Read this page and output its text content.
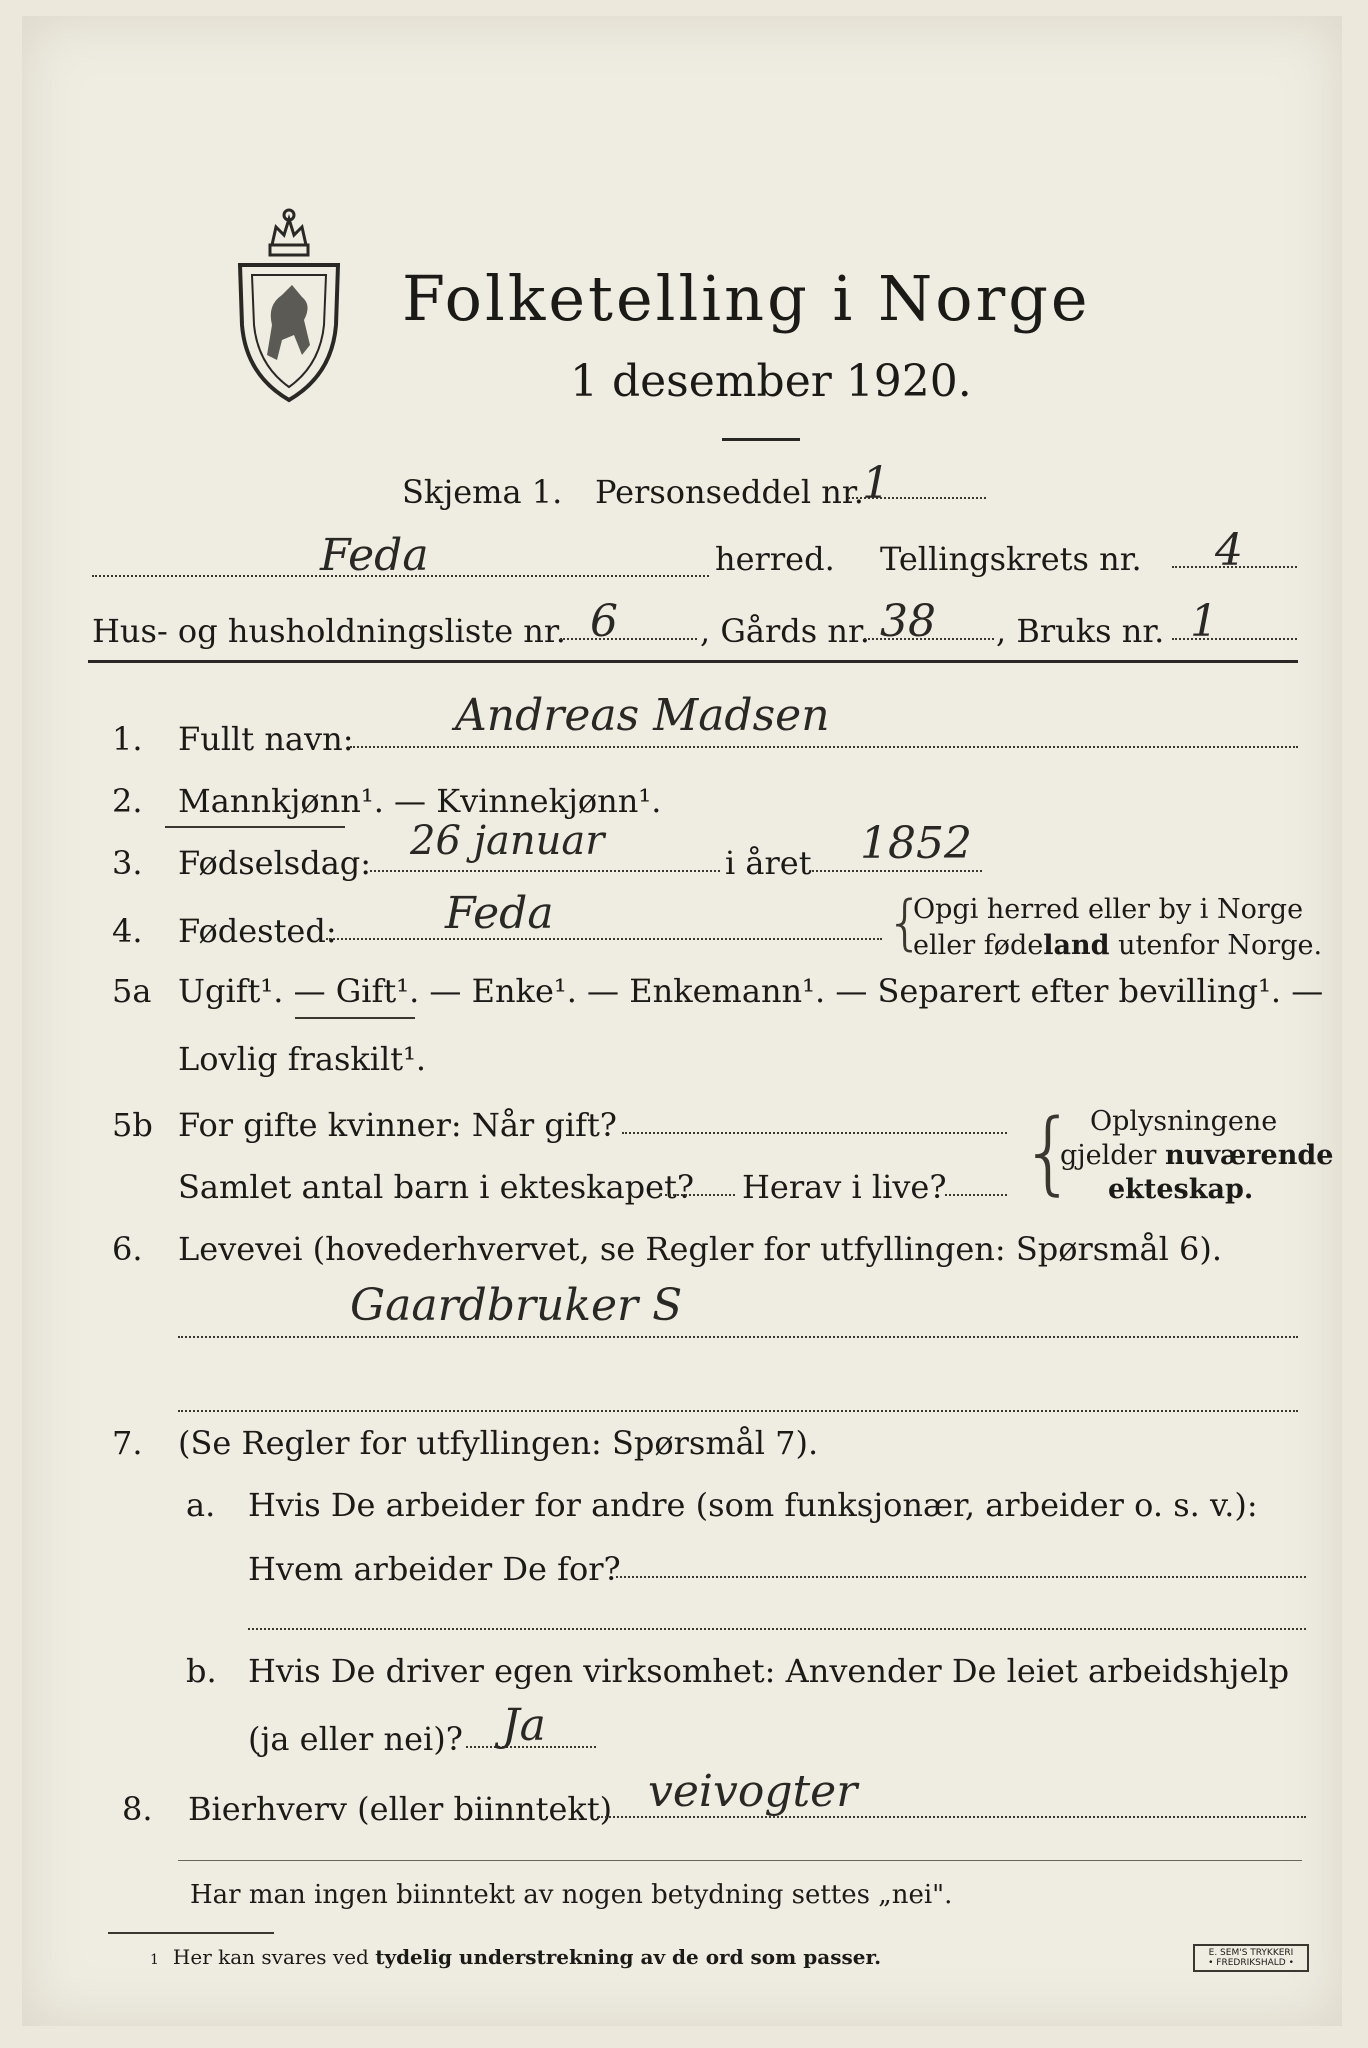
Folketelling i Norge
1 desember 1920.
Skjema 1. Personseddel nr.
1
Feda	herred. Tellingskrets nr. 4
Hus- og husholdningsliste nr. 6	, Gårds nr. 38 , Bruks nr. 1
1. Fullt navn: Andreas Madsen
2. Mannkjønn¹. — Kvinnekjønn¹.
3. Fødselsdag: 26 januar	i året 1852
4. Fødested: Feda	{
Opgi herred eller by i Norge
eller fødeland utenfor Norge.
5a Ugift¹. — Gift¹. — Enke¹. — Enkemann¹. — Separert efter bevilling¹. —
Lovlig fraskilt¹.
5b For gifte kvinner: Når gift?
Samlet antal barn i ekteskapet? Herav i live? { Oplysningene
gjelder nuværende
ekteskap.
6. Levevei (hovederhvervet, se Regler for utfyllingen: Spørsmål 6).
Gaardbruker S
7. (Se Regler for utfyllingen: Spørsmål 7).
a. Hvis De arbeider for andre (som funksjonær, arbeider o. s. v.):
Hvem arbeider De for?
b. Hvis De driver egen virksomhet: Anvender De leiet arbeidshjelp
(ja eller nei)? Ja
8. Bierhverv (eller biinntekt) veivogter
Har man ingen biinntekt av nogen betydning settes „nei".
1 Her kan svares ved tydelig understrekning av de ord som passer.	E. SEM'S TRYKKERI
• FREDRIKSHALD •
